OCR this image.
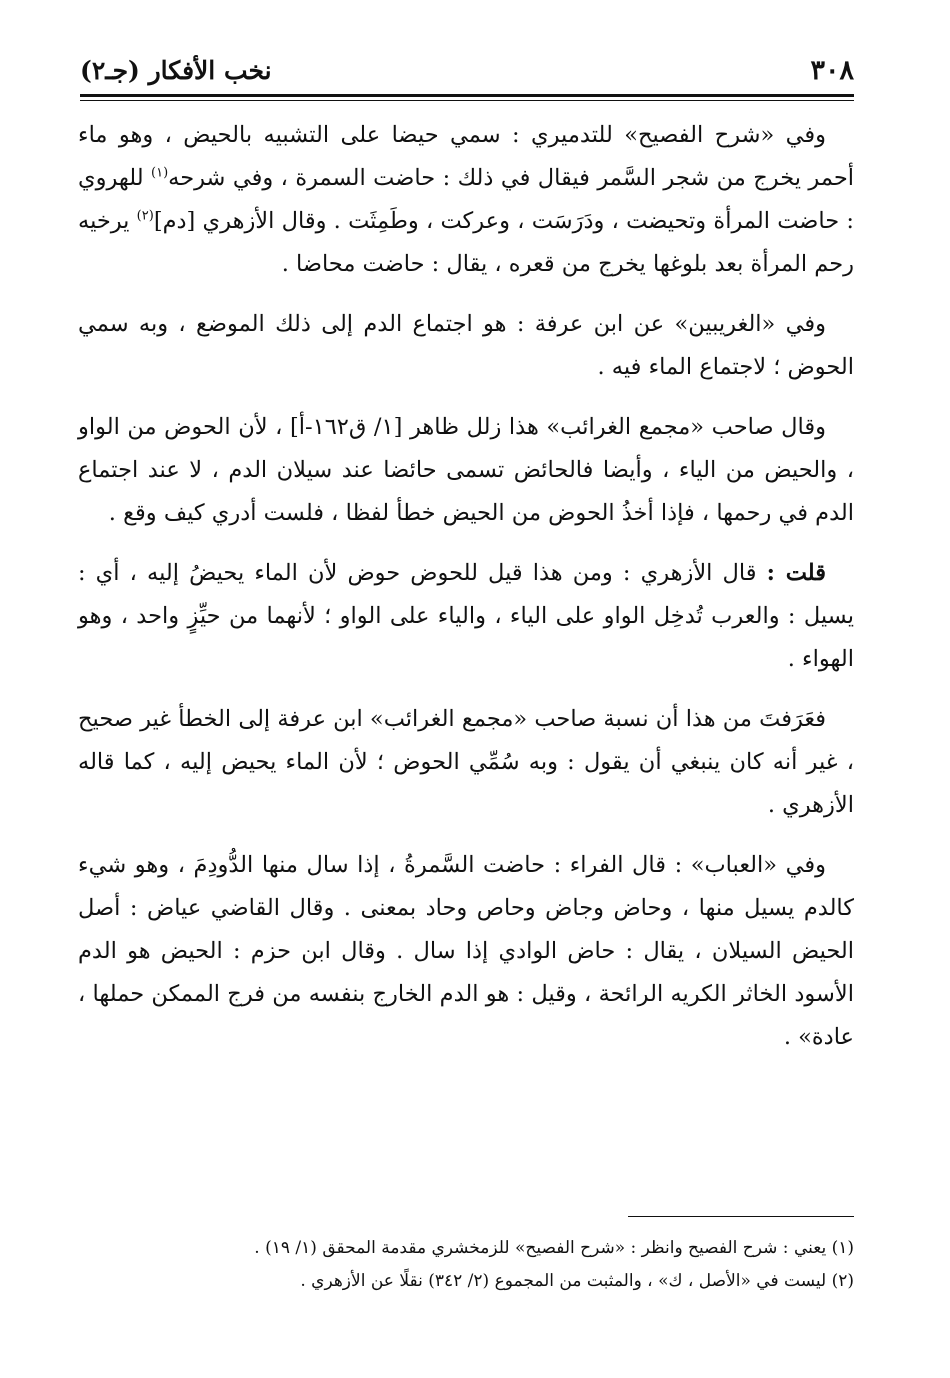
٣٠٨
نخب الأفكار (جـ٢)

وفي «شرح الفصيح» للتدميري : سمي حيضا على التشبيه بالحيض ، وهو ماء أحمر يخرج من شجر السَّمر فيقال في ذلك : حاضت السمرة ، وفي شرحه$^{(١)}$ للهروي : حاضت المرأة وتحيضت ، ودَرَسَت ، وعركت ، وطَمِثَت . وقال الأزهري [دم]$^{(٢)}$ يرخيه رحم المرأة بعد بلوغها يخرج من قعره ، يقال : حاضت محاضا .

وفي «الغريبين» عن ابن عرفة : هو اجتماع الدم إلى ذلك الموضع ، وبه سمي الحوض ؛ لاجتماع الماء فيه .

وقال صاحب «مجمع الغرائب» هذا زلل ظاهر [١/ ق١٦٢-أ] ، لأن الحوض من الواو ، والحيض من الياء ، وأيضا فالحائض تسمى حائضا عند سيلان الدم ، لا عند اجتماع الدم في رحمها ، فإذا أخذُ الحوض من الحيض خطأ لفظا ، فلست أدري كيف وقع .

قلت : قال الأزهري : ومن هذا قيل للحوض حوض لأن الماء يحيضُ إليه ، أي : يسيل : والعرب تُدخِل الواو على الياء ، والياء على الواو ؛ لأنهما من حيِّزٍ واحد ، وهو الهواء .

فعَرَفتَ من هذا أن نسبة صاحب «مجمع الغرائب» ابن عرفة إلى الخطأ غير صحيح ، غير أنه كان ينبغي أن يقول : وبه سُمِّي الحوض ؛ لأن الماء يحيض إليه ، كما قاله الأزهري .

وفي «العباب» : قال الفراء : حاضت السَّمرةُ ، إذا سال منها الدُّودِمَ ، وهو شيء كالدم يسيل منها ، وحاض وجاض وحاص وحاد بمعنى . وقال القاضي عياض : أصل الحيض السيلان ، يقال : حاض الوادي إذا سال . وقال ابن حزم : الحيض هو الدم الأسود الخاثر الكريه الرائحة ، وقيل : هو الدم الخارج بنفسه من فرج الممكن حملها ، عادة» .

(١) يعني : شرح الفصيح وانظر : «شرح الفصيح» للزمخشري مقدمة المحقق (١/ ١٩) .

(٢) ليست في «الأصل ، ك» ، والمثبت من المجموع (٢/ ٣٤٢) نقلًا عن الأزهري .
